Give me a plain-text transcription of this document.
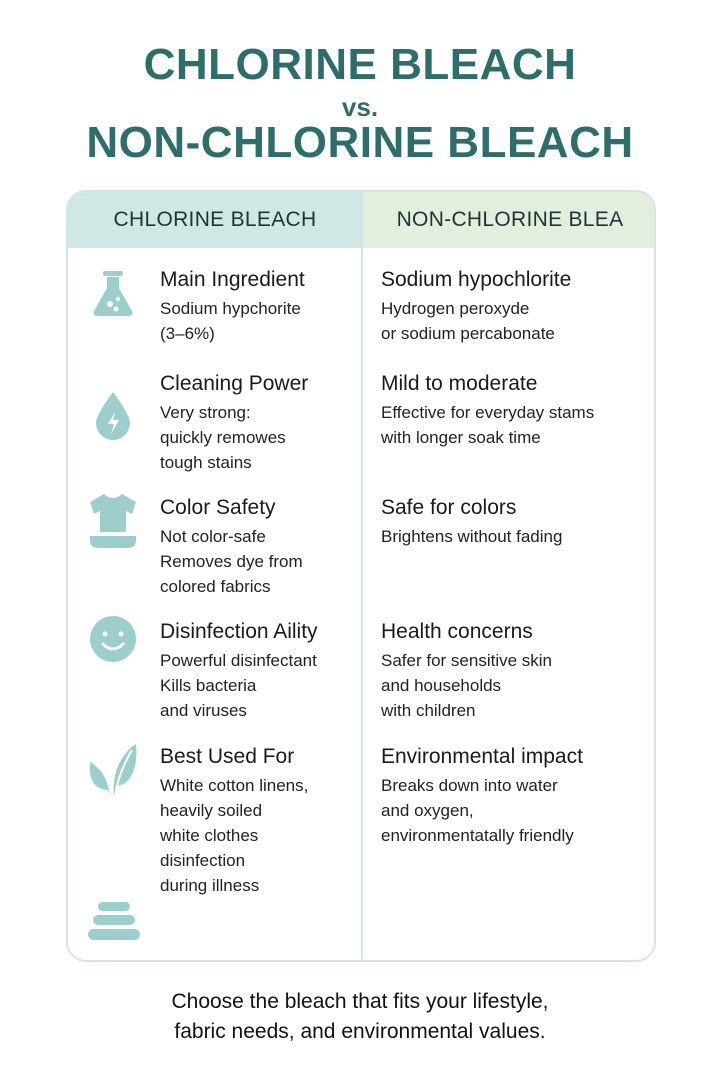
CHLORINE BLEACH
vs.
NON-CHLORINE BLEACH
CHLORINE BLEACH	NON-CHLORINE BLEA
Main Ingredient

Sodium hypchorite

(3–6%)

Sodium hypochlorite

Hydrogen peroxyde

or sodium percabonate

Cleaning Power

Very strong:

quickly remowes

tough stains

Mild to moderate

Effective for everyday stams

with longer soak time

Color Safety

Not color-safe

Removes dye from

colored fabrics

Safe for colors

Brightens without fading

Disinfection Aility

Powerful disinfectant

Kills bacteria

and viruses

Health concerns

Safer for sensitive skin

and households

with children

Best Used For

White cotton linens,

heavily soiled

white clothes

disinfection

during illness

Environmental impact

Breaks down into water

and oxygen,

environmentatally friendly

Choose the bleach that fits your lifestyle,
fabric needs, and environmental values.
